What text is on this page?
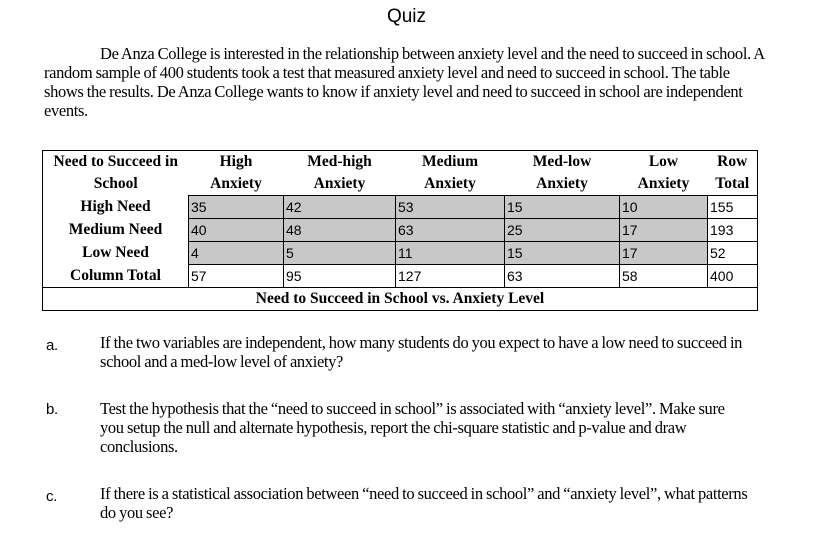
Quiz
De Anza College is interested in the relationship between anxiety level and the need to succeed in school. A random sample of 400 students took a test that measured anxiety level and need to succeed in school. The table shows the results. De Anza College wants to know if anxiety level and need to succeed in school are independent events.
Need to Succeed in	High	Med-high	Medium	Med-low	Low	Row
School	Anxiety	Anxiety	Anxiety	Anxiety	Anxiety	Total
High Need	35	42	53	15	10	155
Medium Need	40	48	63	25	17	193
Low Need	4	5	11	15	17	52
Column Total	57	95	127	63	58	400
Need to Succeed in School vs. Anxiety Level						
a.	If the two variables are independent, how many students do you expect to have a low need to succeed in school and a med-low level of anxiety?
b.	Test the hypothesis that the “need to succeed in school” is associated with “anxiety level”. Make sure you setup the null and alternate hypothesis, report the chi-square statistic and p-value and draw conclusions.
c.	If there is a statistical association between “need to succeed in school” and “anxiety level”, what patterns do you see?
